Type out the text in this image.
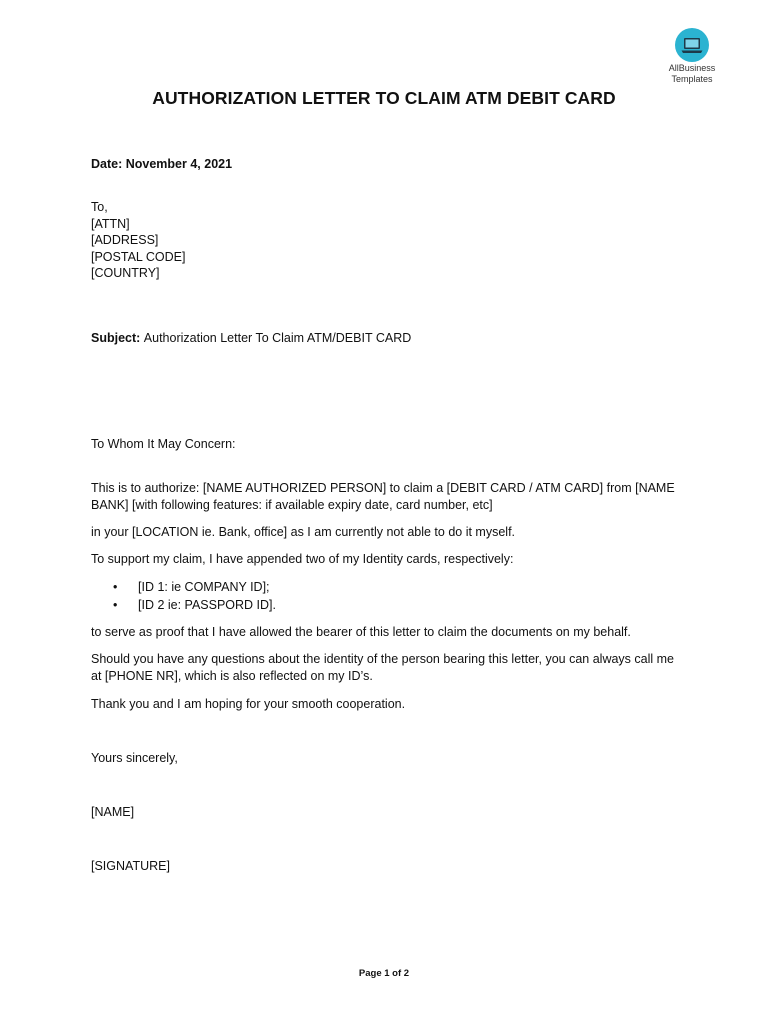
AllBusiness
Templates
AUTHORIZATION LETTER TO CLAIM ATM DEBIT CARD
Date: November 4, 2021
To,
[ATTN]
[ADDRESS]
[POSTAL CODE]
[COUNTRY]
Subject: Authorization Letter To Claim ATM/DEBIT CARD
To Whom It May Concern:
This is to authorize: [NAME AUTHORIZED PERSON] to claim a [DEBIT CARD / ATM CARD] from [NAME BANK] [with following features: if available expiry date, card number, etc]
in your [LOCATION ie. Bank, office] as I am currently not able to do it myself.
To support my claim, I have appended two of my Identity cards, respectively:
• [ID 1: ie COMPANY ID];
• [ID 2 ie: PASSPORD ID].
to serve as proof that I have allowed the bearer of this letter to claim the documents on my behalf.
Should you have any questions about the identity of the person bearing this letter, you can always call me at [PHONE NR], which is also reflected on my ID’s.
Thank you and I am hoping for your smooth cooperation.
Yours sincerely,
[NAME]
[SIGNATURE]
Page 1 of 2
